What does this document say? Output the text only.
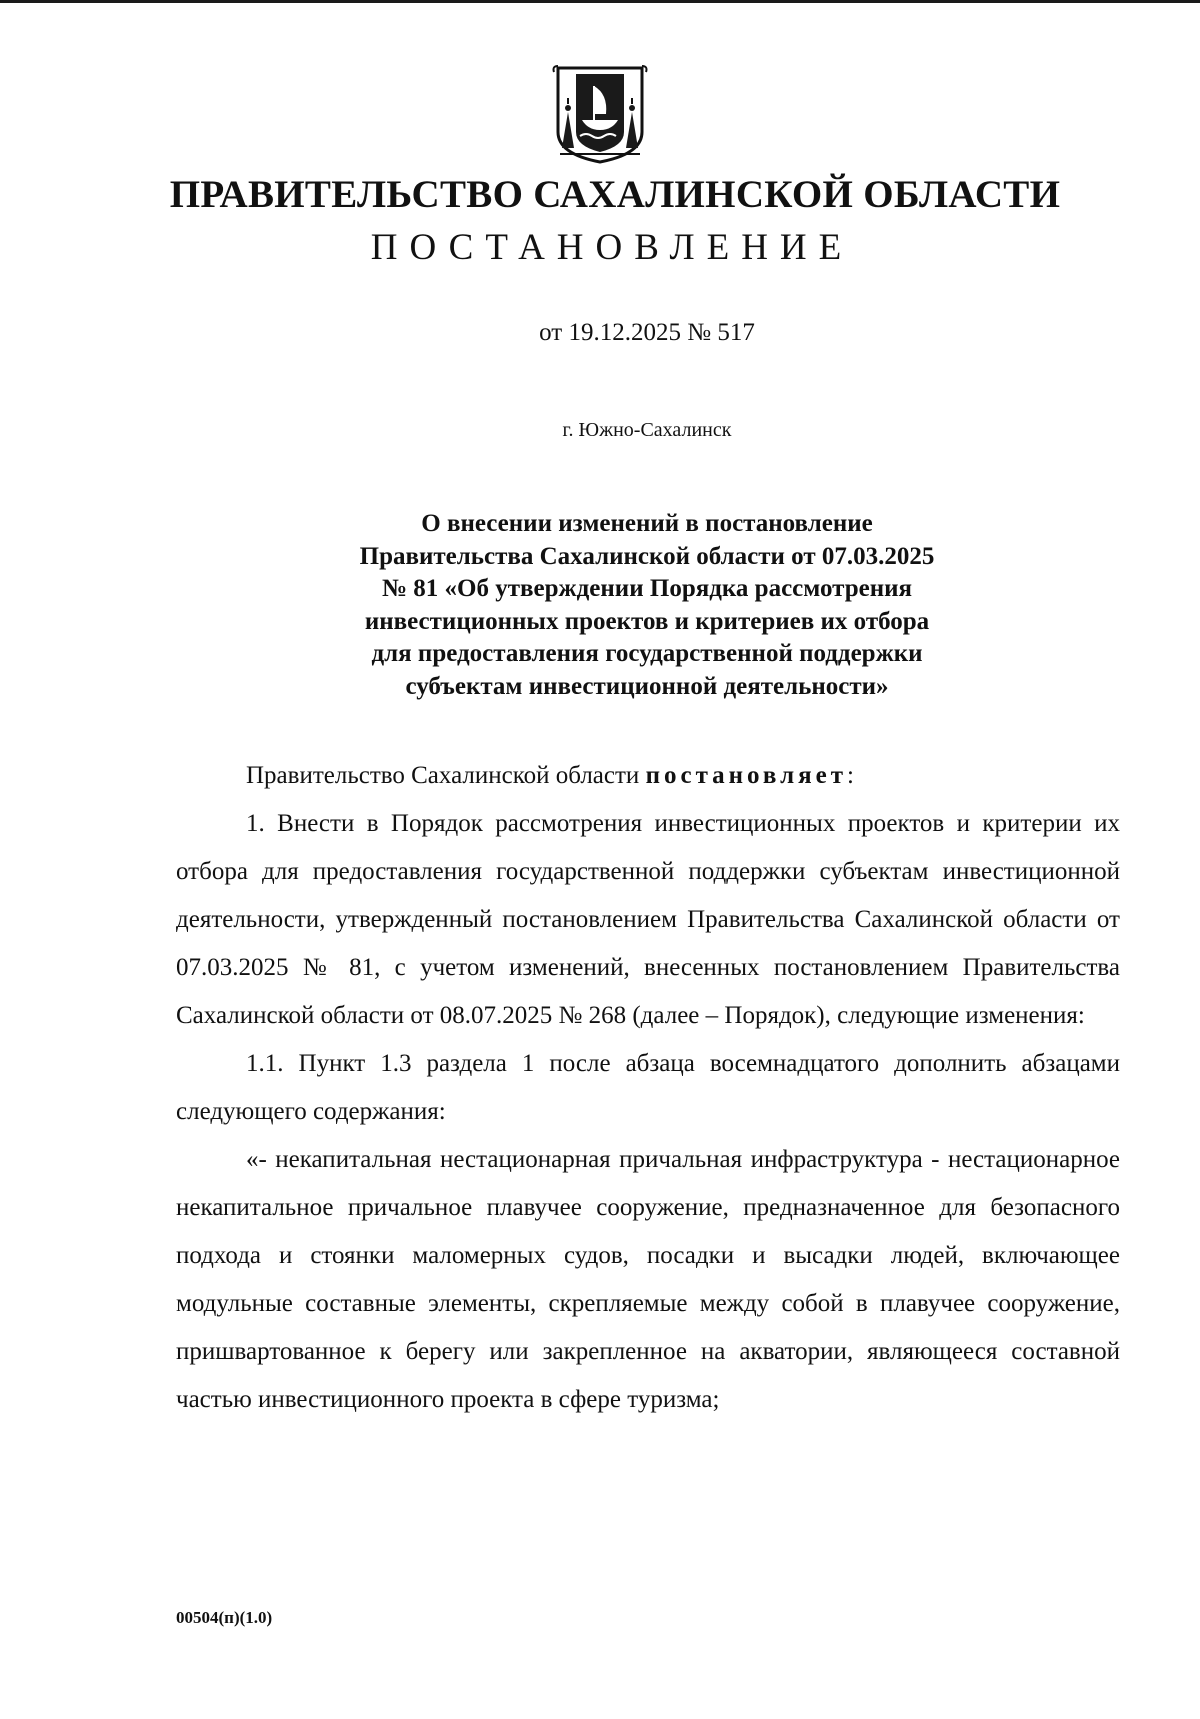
ПРАВИТЕЛЬСТВО САХАЛИНСКОЙ ОБЛАСТИ
ПОСТАНОВЛЕНИЕ

от 19.12.2025 № 517

г. Южно-Сахалинск

О внесении изменений в постановление
Правительства Сахалинской области от 07.03.2025
№ 81 «Об утверждении Порядка рассмотрения
инвестиционных проектов и критериев их отбора
для предоставления государственной поддержки
субъектам инвестиционной деятельности»

Правительство Сахалинской области постановляет:

1. Внести в Порядок рассмотрения инвестиционных проектов и критерии их отбора для предоставления государственной поддержки субъектам инвестиционной деятельности, утвержденный постановлением Правительства Сахалинской области от 07.03.2025 № 81, с учетом изменений, внесенных постановлением Правительства Сахалинской области от 08.07.2025 № 268 (далее – Порядок), следующие изменения:

1.1. Пункт 1.3 раздела 1 после абзаца восемнадцатого дополнить абзацами следующего содержания:

«- некапитальная нестационарная причальная инфраструктура - нестационарное некапитальное причальное плавучее сооружение, предназначенное для безопасного подхода и стоянки маломерных судов, посадки и высадки людей, включающее модульные составные элементы, скрепляемые между собой в плавучее сооружение, пришвартованное к берегу или закрепленное на акватории, являющееся составной частью инвестиционного проекта в сфере туризма;

00504(п)(1.0)
